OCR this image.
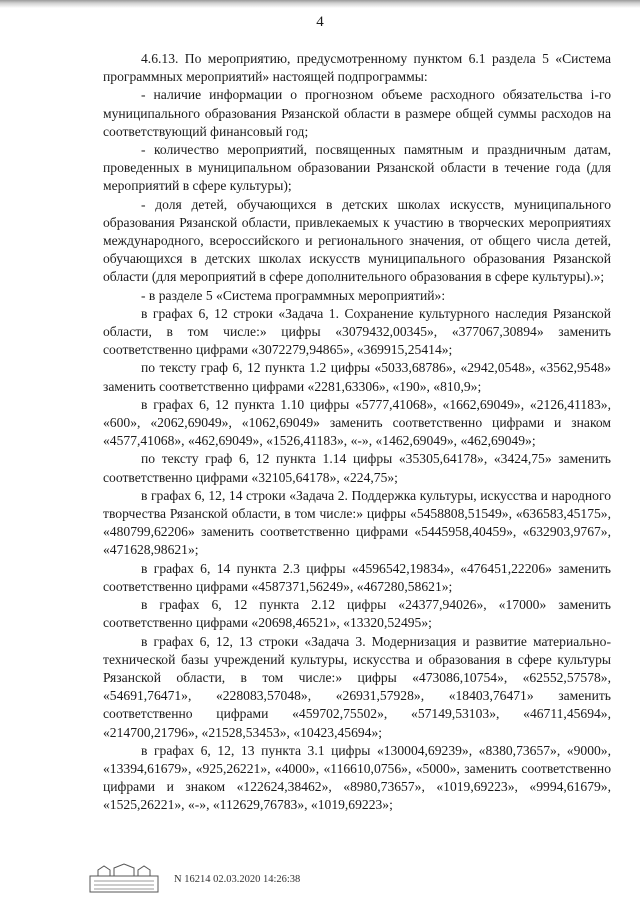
4

4.6.13. По мероприятию, предусмотренному пунктом 6.1 раздела 5 «Система программных мероприятий» настоящей подпрограммы:

- наличие информации о прогнозном объеме расходного обязательства i-го муниципального образования Рязанской области в размере общей суммы расходов на соответствующий финансовый год;

- количество мероприятий, посвященных памятным и праздничным датам, проведенных в муниципальном образовании Рязанской области в течение года (для мероприятий в сфере культуры);

- доля детей, обучающихся в детских школах искусств, муниципального образования Рязанской области, привлекаемых к участию в творческих мероприятиях международного, всероссийского и регионального значения, от общего числа детей, обучающихся в детских школах искусств муниципального образования Рязанской области (для мероприятий в сфере дополнительного образования в сфере культуры).»;

- в разделе 5 «Система программных мероприятий»:

в графах 6, 12 строки «Задача 1. Сохранение культурного наследия Рязанской области, в том числе:» цифры «3079432,00345», «377067,30894» заменить соответственно цифрами «3072279,94865», «369915,25414»;

по тексту граф 6, 12 пункта 1.2 цифры «5033,68786», «2942,0548», «3562,9548» заменить соответственно цифрами «2281,63306», «190», «810,9»;

в графах 6, 12 пункта 1.10 цифры «5777,41068», «1662,69049», «2126,41183», «600», «2062,69049», «1062,69049» заменить соответственно цифрами и знаком «4577,41068», «462,69049», «1526,41183», «-», «1462,69049», «462,69049»;

по тексту граф 6, 12 пункта 1.14 цифры «35305,64178», «3424,75» заменить соответственно цифрами «32105,64178», «224,75»;

в графах 6, 12, 14 строки «Задача 2. Поддержка культуры, искусства и народного творчества Рязанской области, в том числе:» цифры «5458808,51549», «636583,45175», «480799,62206» заменить соответственно цифрами «5445958,40459», «632903,9767», «471628,98621»;

в графах 6, 14 пункта 2.3 цифры «4596542,19834», «476451,22206» заменить соответственно цифрами «4587371,56249», «467280,58621»;

в графах 6, 12 пункта 2.12 цифры «24377,94026», «17000» заменить соответственно цифрами «20698,46521», «13320,52495»;

в графах 6, 12, 13 строки «Задача 3. Модернизация и развитие материально-технической базы учреждений культуры, искусства и образования в сфере культуры Рязанской области, в том числе:» цифры «473086,10754», «62552,57578», «54691,76471», «228083,57048», «26931,57928», «18403,76471» заменить соответственно цифрами «459702,75502», «57149,53103», «46711,45694», «214700,21796», «21528,53453», «10423,45694»;

в графах 6, 12, 13 пункта 3.1 цифры «130004,69239», «8380,73657», «9000», «13394,61679», «925,26221», «4000», «116610,0756», «5000», заменить соответственно цифрами и знаком «122624,38462», «8980,73657», «1019,69223», «9994,61679», «1525,26221», «-», «112629,76783», «1019,69223»;

N 16214 02.03.2020 14:26:38
